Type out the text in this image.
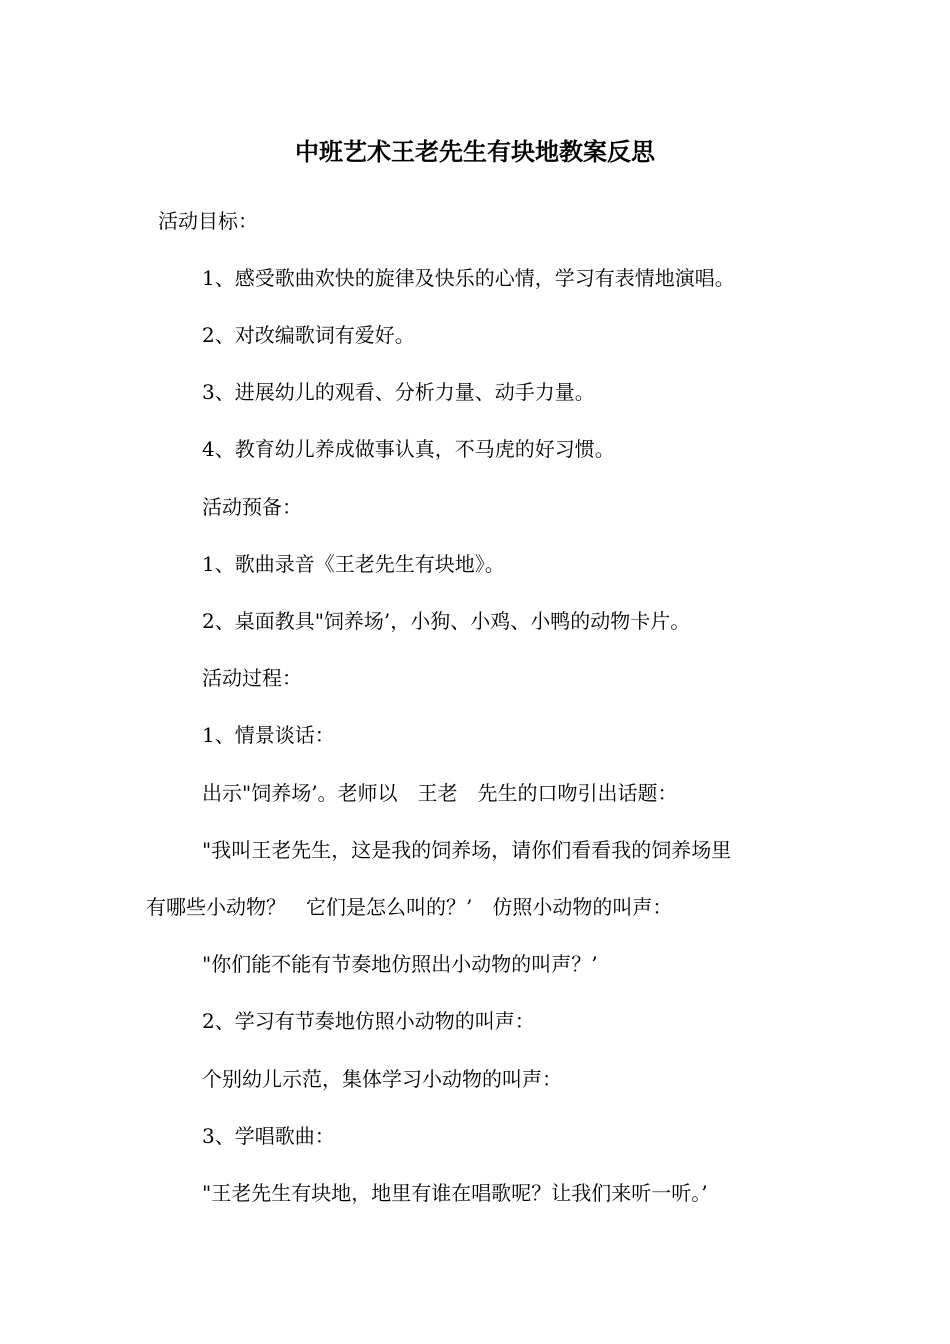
中班艺术王老先生有块地教案反思
活动目标：
1、感受歌曲欢快的旋律及快乐的心情，学习有表情地演唱。
2、对改编歌词有爱好。
3、进展幼儿的观看、分析力量、动手力量。
4、教育幼儿养成做事认真，不马虎的好习惯。
活动预备：
1、歌曲录音《王老先生有块地》。
2、桌面教具"饲养场’，小狗、小鸡、小鸭的动物卡片。
活动过程：
1、情景谈话：
出示"饲养场’。老师以　王老　先生的口吻引出话题：
"我叫王老先生，这是我的饲养场，请你们看看我的饲养场里
有哪些小动物？　它们是怎么叫的？’　仿照小动物的叫声：
"你们能不能有节奏地仿照出小动物的叫声？’
2、学习有节奏地仿照小动物的叫声：
个别幼儿示范，集体学习小动物的叫声：
3、学唱歌曲：
"王老先生有块地，地里有谁在唱歌呢？让我们来听一听。’
